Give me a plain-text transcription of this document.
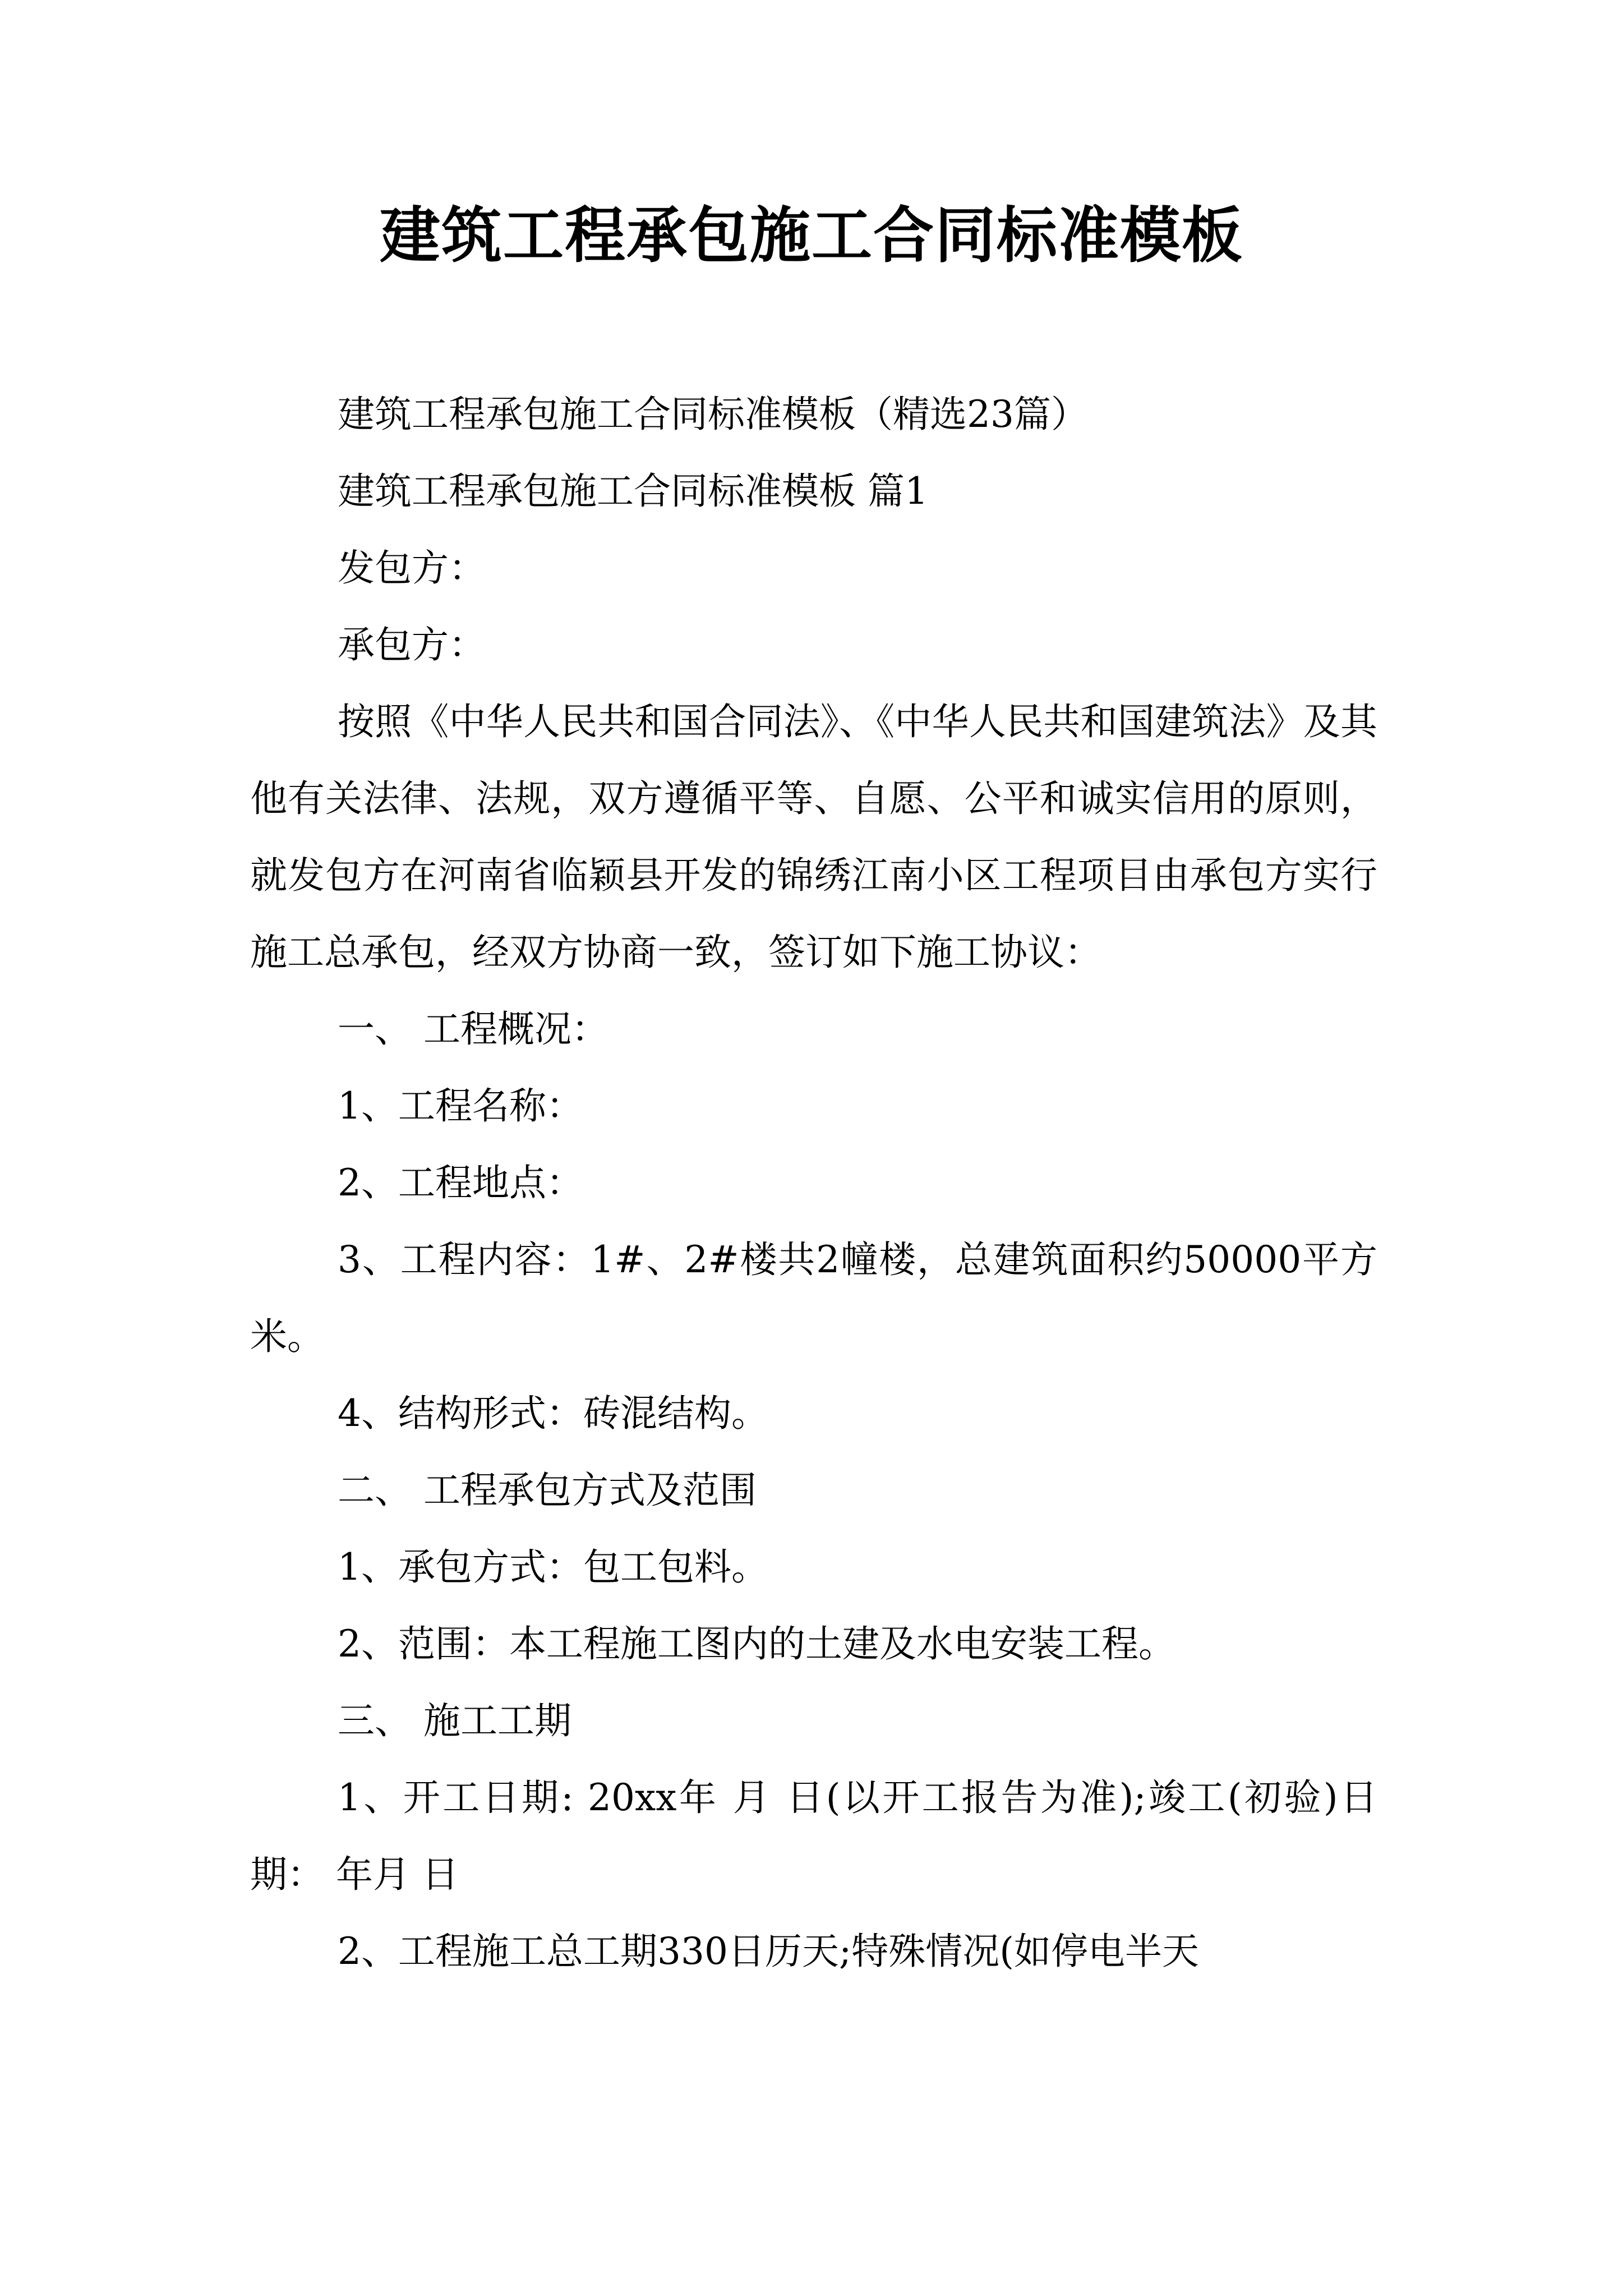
建筑工程承包施工合同标准模板

建筑工程承包施工合同标准模板（精选23篇）

建筑工程承包施工合同标准模板 篇1

发包方：

承包方：

按照《中华人民共和国合同法》、《中华人民共和国建筑法》及其他有关法律、法规，双方遵循平等、自愿、公平和诚实信用的原则，就发包方在河南省临颖县开发的锦绣江南小区工程项目由承包方实行施工总承包，经双方协商一致，签订如下施工协议：

一、 工程概况：

1、工程名称：

2、工程地点：

3、工程内容：1#、2#楼共2幢楼，总建筑面积约50000平方米。

4、结构形式：砖混结构。

二、 工程承包方式及范围

1、承包方式：包工包料。

2、范围：本工程施工图内的土建及水电安装工程。

三、 施工工期

1、开工日期: 20xx年 月 日(以开工报告为准);竣工(初验)日期： 年月 日

2、工程施工总工期330日历天;特殊情况(如停电半天
